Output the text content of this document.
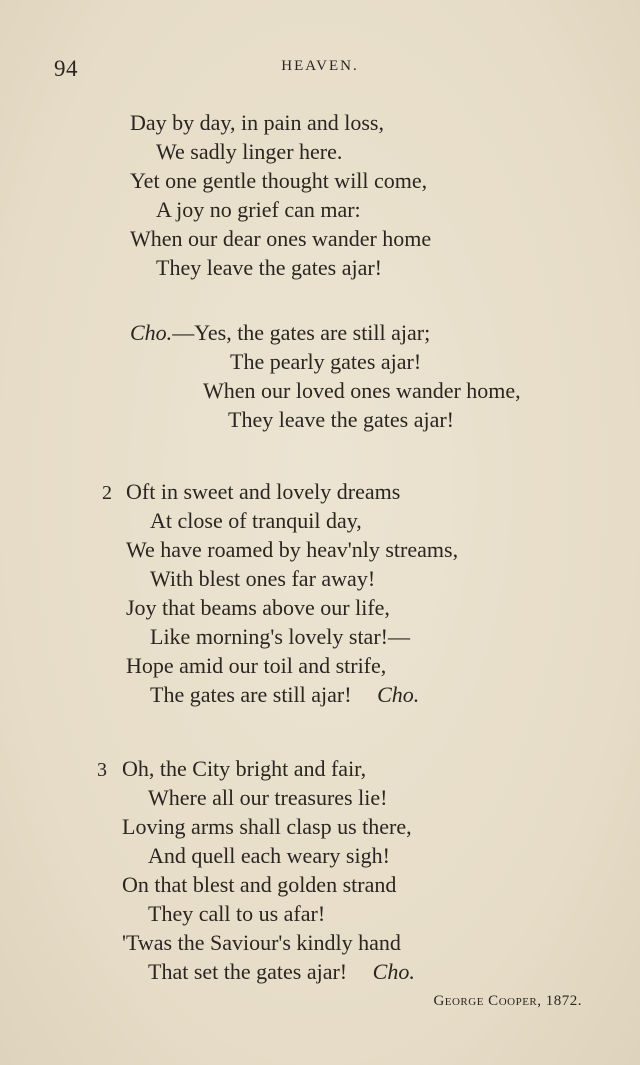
94	HEAVEN.
Day by day, in pain and loss,
We sadly linger here.
Yet one gentle thought will come,
A joy no grief can mar:
When our dear ones wander home
They leave the gates ajar!
Cho.—Yes, the gates are still ajar;
The pearly gates ajar!
When our loved ones wander home,
They leave the gates ajar!
2 Oft in sweet and lovely dreams
At close of tranquil day,
We have roamed by heav'nly streams,
With blest ones far away!
Joy that beams above our life,
Like morning's lovely star!—
Hope amid our toil and strife,
The gates are still ajar! Cho.
3 Oh, the City bright and fair,
Where all our treasures lie!
Loving arms shall clasp us there,
And quell each weary sigh!
On that blest and golden strand
They call to us afar!
'Twas the Saviour's kindly hand
That set the gates ajar! Cho.
George Cooper, 1872.
